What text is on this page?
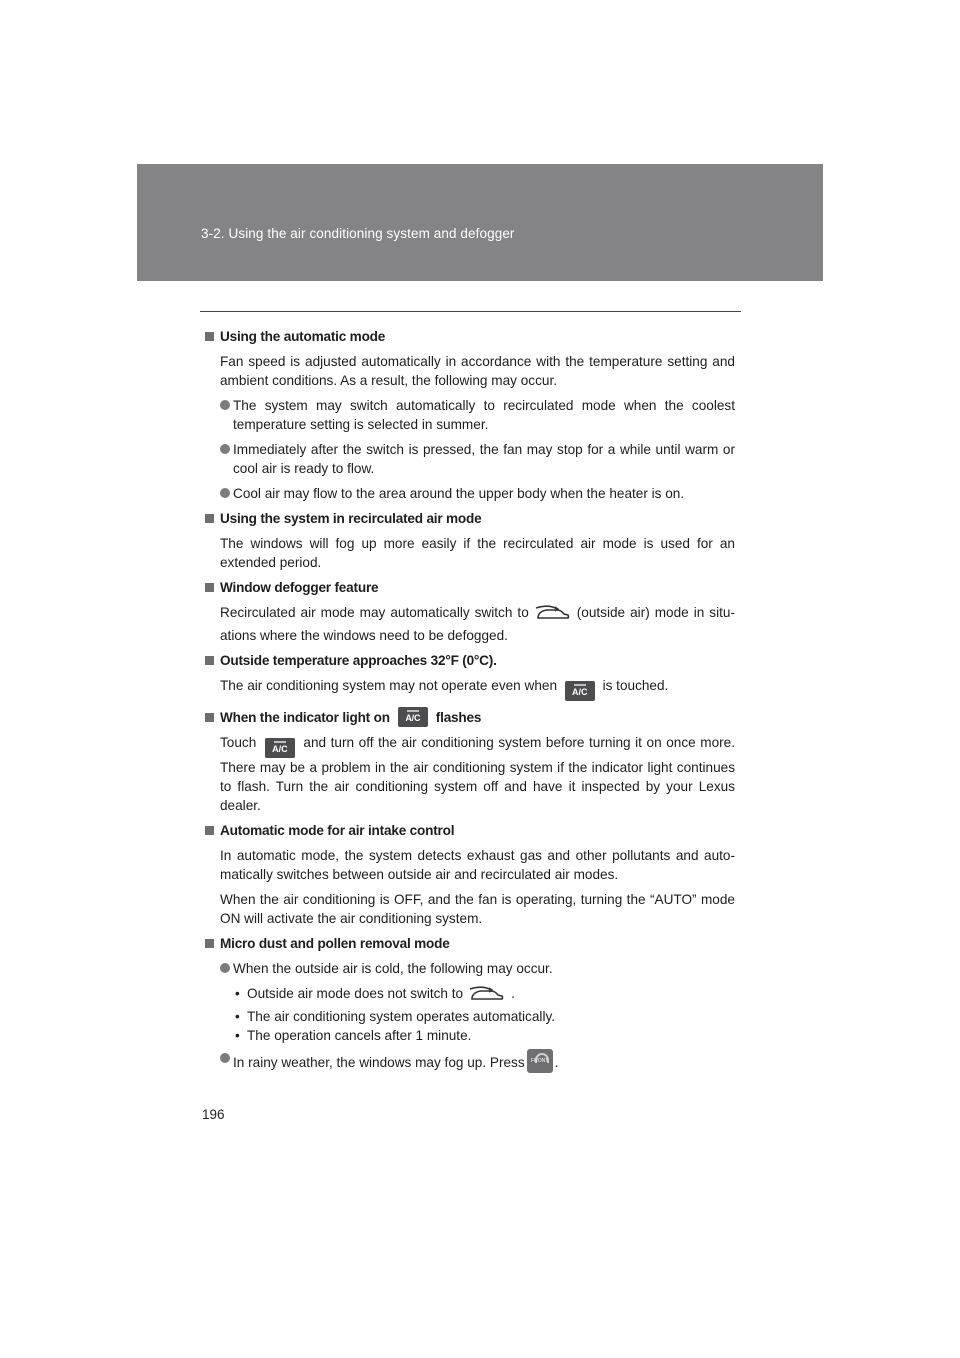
3-2. Using the air conditioning system and defogger
Using the automatic mode

Fan speed is adjusted automatically in accordance with the temperature setting and ambient conditions. As a result, the following may occur.

The system may switch automatically to recirculated mode when the coolest temperature setting is selected in summer.
Immediately after the switch is pressed, the fan may stop for a while until warm or cool air is ready to flow.
Cool air may flow to the area around the upper body when the heater is on.
Using the system in recirculated air mode

The windows will fog up more easily if the recirculated air mode is used for an extended period.

Window defogger feature

Recirculated air mode may automatically switch to	(outside air) mode in situ-ations where the windows need to be defogged.

Outside temperature approaches 32°F (0°C).

The air conditioning system may not operate even when A/C is touched.

When the indicator light on	A/C	flashes

Touch A/C and turn off the air conditioning system before turning it on once more. There may be a problem in the air conditioning system if the indicator light continues to flash. Turn the air conditioning system off and have it inspected by your Lexus dealer.

Automatic mode for air intake control

In automatic mode, the system detects exhaust gas and other pollutants and auto-matically switches between outside air and recirculated air modes.

When the air conditioning is OFF, and the fan is operating, turning the “AUTO” mode ON will activate the air conditioning system.

Micro dust and pollen removal mode
When the outside air is cold, the following may occur.
• Outside air mode does not switch to	.
• The air conditioning system operates automatically.
• The operation cancels after 1 minute.
In rainy weather, the windows may fog up. PressFRONT .
196
